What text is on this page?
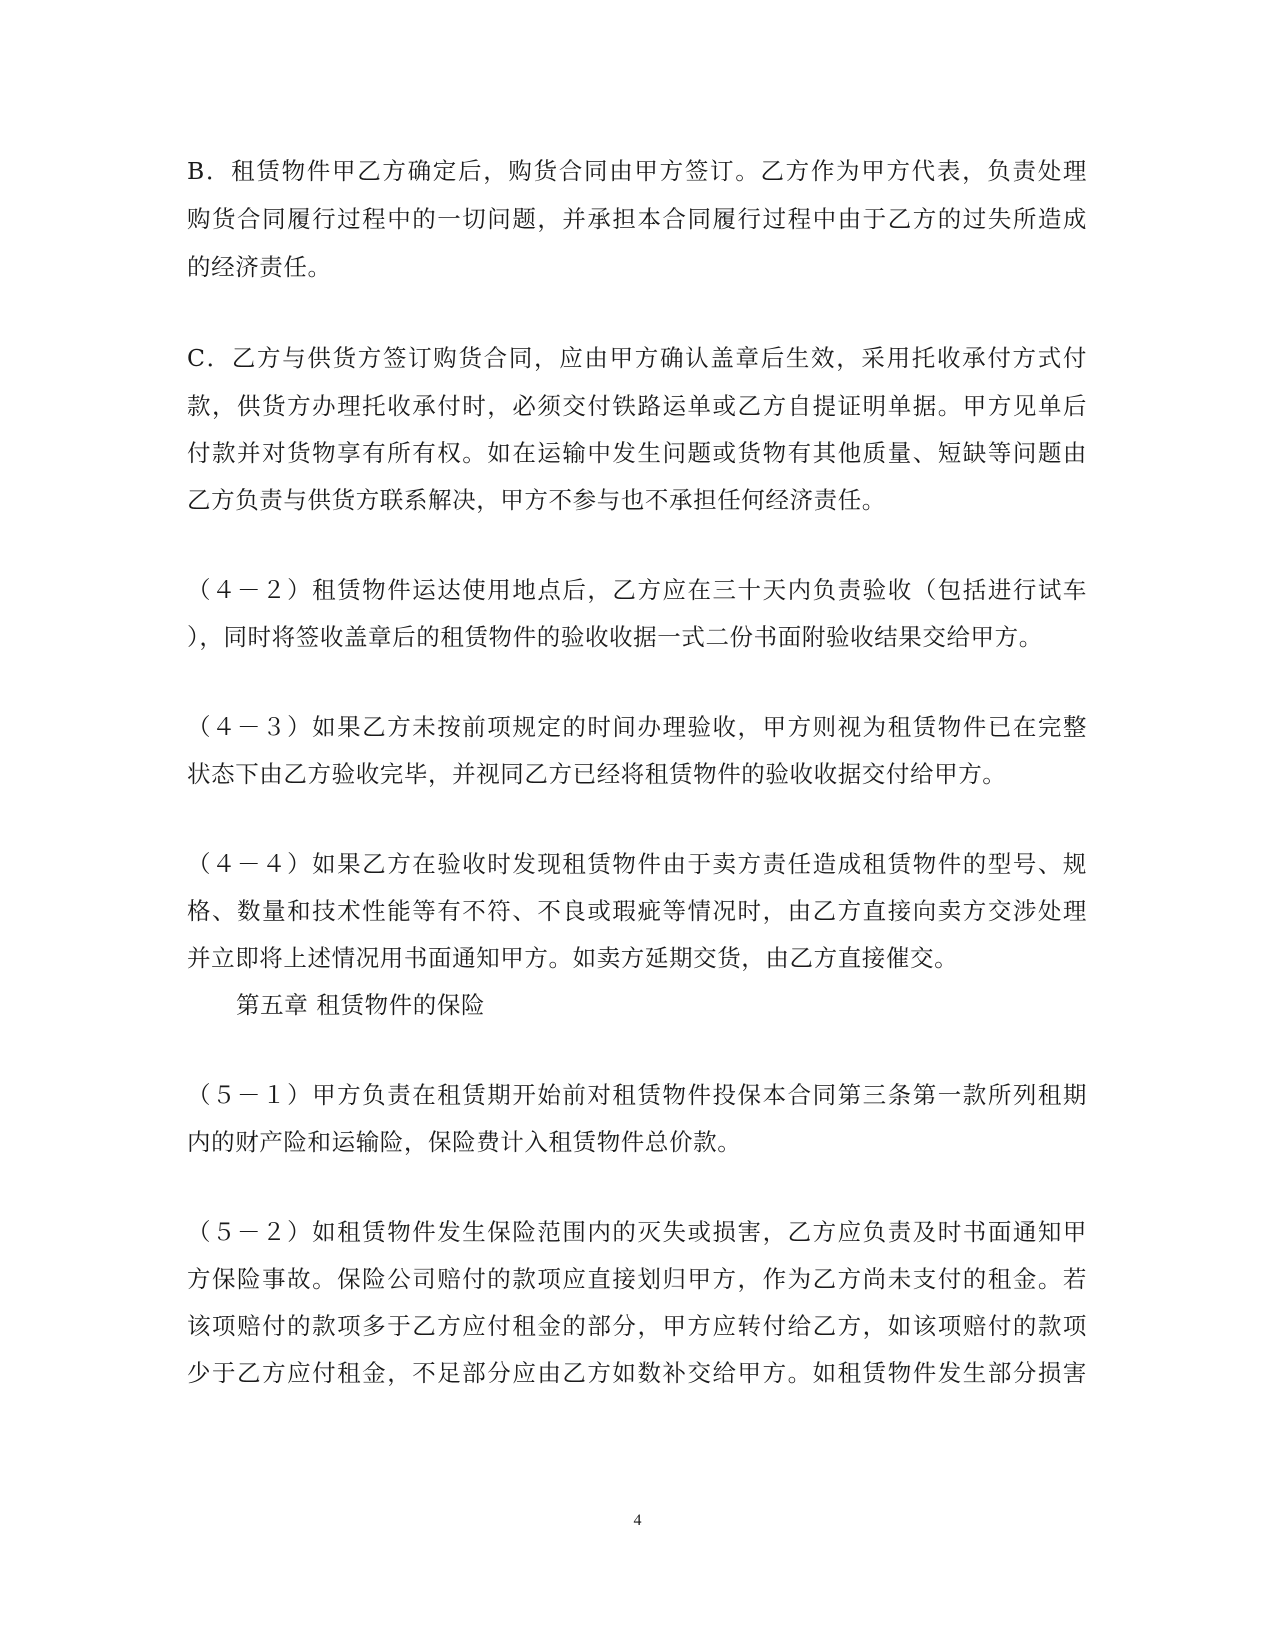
B．租赁物件甲乙方确定后，购货合同由甲方签订。乙方作为甲方代表，负责处理
购货合同履行过程中的一切问题，并承担本合同履行过程中由于乙方的过失所造成
的经济责任。
C．乙方与供货方签订购货合同，应由甲方确认盖章后生效，采用托收承付方式付
款，供货方办理托收承付时，必须交付铁路运单或乙方自提证明单据。甲方见单后
付款并对货物享有所有权。如在运输中发生问题或货物有其他质量、短缺等问题由
乙方负责与供货方联系解决，甲方不参与也不承担任何经济责任。
（４－２）租赁物件运达使用地点后，乙方应在三十天内负责验收（包括进行试车
），同时将签收盖章后的租赁物件的验收收据一式二份书面附验收结果交给甲方。
（４－３）如果乙方未按前项规定的时间办理验收，甲方则视为租赁物件已在完整
状态下由乙方验收完毕，并视同乙方已经将租赁物件的验收收据交付给甲方。
（４－４）如果乙方在验收时发现租赁物件由于卖方责任造成租赁物件的型号、规
格、数量和技术性能等有不符、不良或瑕疵等情况时，由乙方直接向卖方交涉处理
并立即将上述情况用书面通知甲方。如卖方延期交货，由乙方直接催交。
第五章 租赁物件的保险
（５－１）甲方负责在租赁期开始前对租赁物件投保本合同第三条第一款所列租期
内的财产险和运输险，保险费计入租赁物件总价款。
（５－２）如租赁物件发生保险范围内的灭失或损害，乙方应负责及时书面通知甲
方保险事故。保险公司赔付的款项应直接划归甲方，作为乙方尚未支付的租金。若
该项赔付的款项多于乙方应付租金的部分，甲方应转付给乙方，如该项赔付的款项
少于乙方应付租金，不足部分应由乙方如数补交给甲方。如租赁物件发生部分损害
4
